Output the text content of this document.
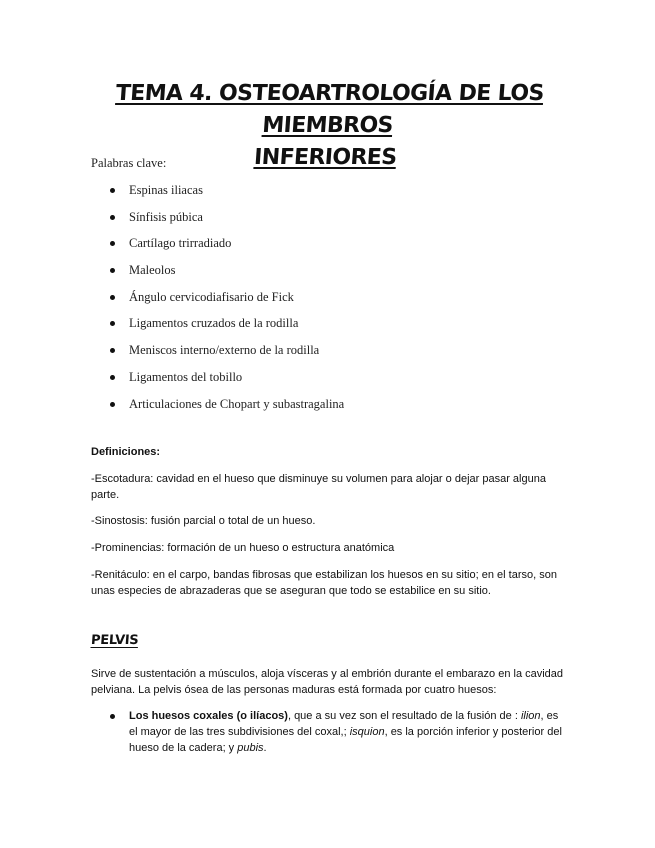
TEMA 4. OSTEOARTROLOGÍA DE LOS MIEMBROS
INFERIORES
Palabras clave:
Espinas iliacas
Sínfisis púbica
Cartílago trirradiado
Maleolos
Ángulo cervicodiafisario de Fick
Ligamentos cruzados de la rodilla
Meniscos interno/externo de la rodilla
Ligamentos del tobillo
Articulaciones de Chopart y subastragalina
Definiciones:
-Escotadura: cavidad en el hueso que disminuye su volumen para alojar o dejar pasar alguna parte.
-Sinostosis: fusión parcial o total de un hueso.
-Prominencias: formación de un hueso o estructura anatómica
-Renitáculo: en el carpo, bandas fibrosas que estabilizan los huesos en su sitio; en el tarso, son unas especies de abrazaderas que se aseguran que todo se estabilice en su sitio.
PELVIS
Sirve de sustentación a músculos, aloja vísceras y al embrión durante el embarazo en la cavidad pelviana. La pelvis ósea de las personas maduras está formada por cuatro huesos:
Los huesos coxales (o ilíacos), que a su vez son el resultado de la fusión de : ilion, es el mayor de las tres subdivisiones del coxal,; isquion, es la porción inferior y posterior del hueso de la cadera; y pubis.
